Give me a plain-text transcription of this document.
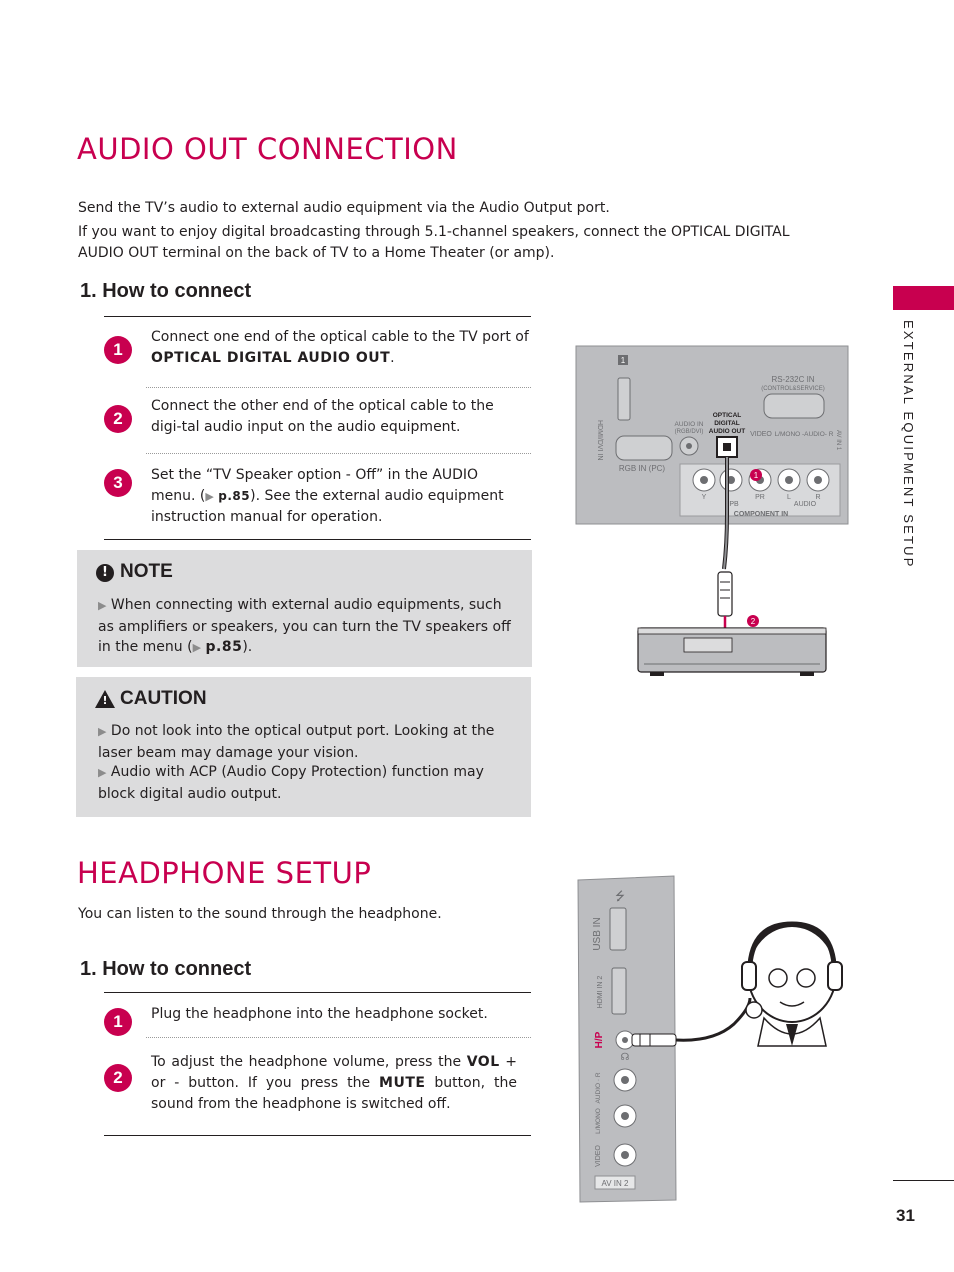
AUDIO OUT CONNECTION
Send the TV’s audio to external audio equipment via the Audio Output port.
If you want to enjoy digital broadcasting through 5.1-channel speakers, connect the OPTICAL DIGITAL AUDIO OUT terminal on the back of TV to a Home Theater (or amp).
1. How to connect
1
Connect one end of the optical cable to the TV port of OPTICAL DIGITAL AUDIO OUT.
2
Connect the other end of the optical cable to the digi-tal audio input on the audio equipment.
3	Set the “TV Speaker option - Off” in the AUDIO menu. (▶ p.85). See the external audio equipment instruction manual for operation.
! NOTE
▶ When connecting with external audio equipments, such as amplifiers or speakers, you can turn the TV speakers off in the menu (▶ p.85).
! CAUTION
▶ Do not look into the optical output port. Looking at the laser beam may damage your vision.
▶ Audio with ACP (Audio Copy Protection) function may block digital audio output.
1
HDMI/DVI IN
RS-232C IN
(CONTROL&SERVICE)
RGB IN (PC)
AUDIO IN
(RGB/DVI)
OPTICAL
DIGITAL
AUDIO OUT VIDEO L/MONO -AUDIO- R AV IN 1
Y	PR	L	R
PB	AUDIO
COMPONENT IN
1
2
HEADPHONE SETUP
You can listen to the sound through the headphone.
1. How to connect
1	Plug the headphone into the headphone socket.
2
To adjust the headphone volume, press the VOL + or - button. If you press the MUTE button, the sound from the headphone is switched off.
USB IN
⭍
HDMI IN 2
H/P
☊
AUDIO · R
L/MONO
VIDEO
AV IN 2
EXTERNAL EQUIPMENT SETUP
31
